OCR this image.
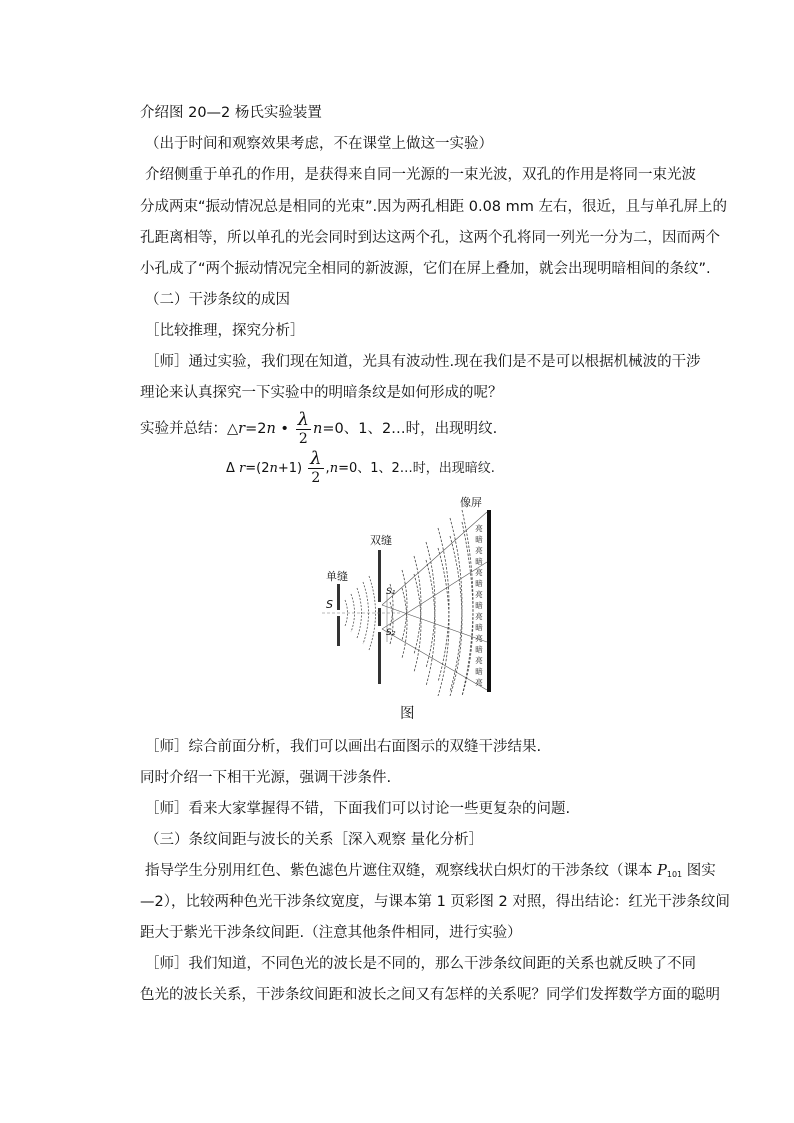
介绍图 20—2 杨氏实验装置
（出于时间和观察效果考虑，不在课堂上做这一实验）
介绍侧重于单孔的作用，是获得来自同一光源的一束光波，双孔的作用是将同一束光波
分成两束“振动情况总是相同的光束”.因为两孔相距 0.08 mm 左右，很近，且与单孔屏上的
孔距离相等，所以单孔的光会同时到达这两个孔，这两个孔将同一列光一分为二，因而两个
小孔成了“两个振动情况完全相同的新波源，它们在屏上叠加，就会出现明暗相间的条纹”.
（二）干涉条纹的成因
［比较推理，探究分析］
［师］通过实验，我们现在知道，光具有波动性.现在我们是不是可以根据机械波的干涉
理论来认真探究一下实验中的明暗条纹是如何形成的呢？
实验并总结：△r=2n • $\frac{\lambda}{2} n=0$、1、2…时，出现明纹.
Δ $r=(2n+1) \frac{\lambda}{2} ,n=0$、1、2…时，出现暗纹.
像屏
双缝
单缝
S
S₁
S₂
亮
暗
亮
暗
亮
暗
亮
暗
亮
暗
亮
暗
亮
暗
亮
图
［师］综合前面分析，我们可以画出右面图示的双缝干涉结果.
同时介绍一下相干光源，强调干涉条件.
［师］看来大家掌握得不错，下面我们可以讨论一些更复杂的问题.
（三）条纹间距与波长的关系［深入观察 量化分析］
指导学生分别用红色、紫色滤色片遮住双缝，观察线状白炽灯的干涉条纹（课本 $P_{101}$ 图实
—2），比较两种色光干涉条纹宽度，与课本第 1 页彩图 2 对照，得出结论：红光干涉条纹间
距大于紫光干涉条纹间距.（注意其他条件相同，进行实验）
［师］我们知道，不同色光的波长是不同的，那么干涉条纹间距的关系也就反映了不同
色光的波长关系，干涉条纹间距和波长之间又有怎样的关系呢？同学们发挥数学方面的聪明
